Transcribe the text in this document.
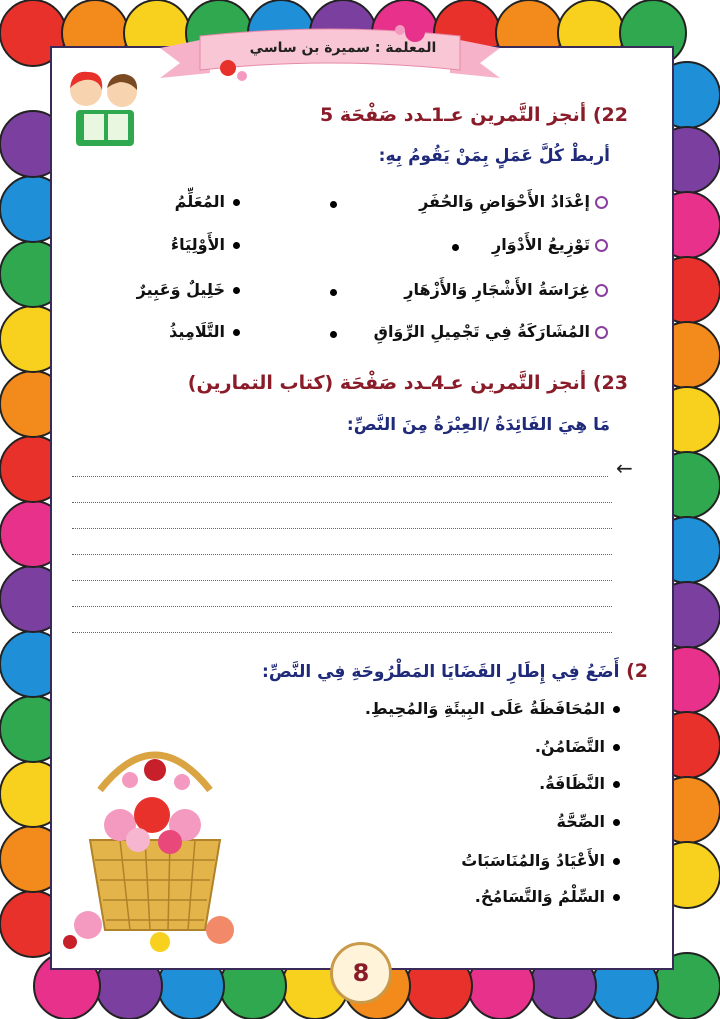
المعلمة : سميرة بن ساسي
22) أنجز التَّمرين عـ1ـدد صَفْحَة 5
أربطْ كُلَّ عَمَلٍ بِمَنْ يَقُومُ بِهِ:
إعْدَادُ الأَحْوَاضِ وَالحُفَرِ
تَوْزِيعُ الأَدْوَارِ
غِرَاسَةُ الأَشْجَارِ وَالأَزْهَارِ
المُشَارَكَةُ فِي تَجْمِيلِ الرِّوَاقِ
المُعَلِّمُ
الأَوْلِيَاءُ
خَلِيلٌ وَعَبِيرٌ
التَّلَامِيذُ
23) أنجز التَّمرين عـ4ـدد صَفْحَة (كتاب التمارين)
مَا هِيَ الفَائِدَةُ /العِبْرَةُ مِنَ النَّصِّ:
←
2) أَضَعُ فِي إِطَارِ القَضَايَا المَطْرُوحَةِ فِي النَّصِّ:
المُحَافَظَةُ عَلَى البِيئَةِ وَالمُحِيطِ.
التَّضَامُنُ.
النَّظَافَةُ.
الصِّحَّةُ
الأَعْيَادُ وَالمُنَاسَبَاتُ
السِّلْمُ وَالتَّسَامُحُ.
8
